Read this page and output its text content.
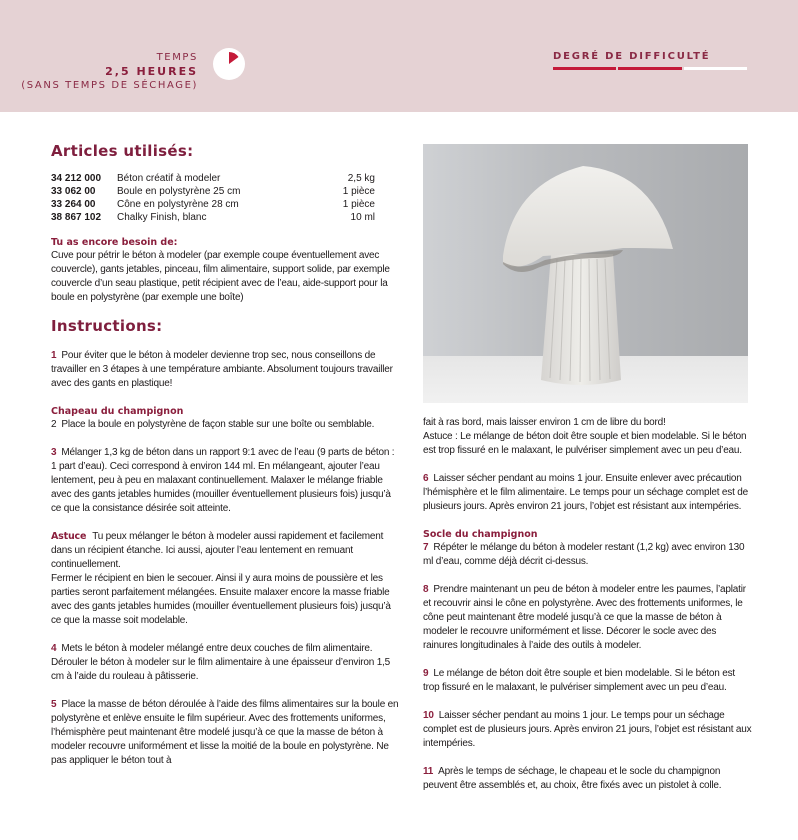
TEMPS
2,5 HEURES
(SANS TEMPS DE SÉCHAGE)
DEGRÉ DE DIFFICULTÉ
Articles utilisés:
34 212 000	Béton créatif à modeler	2,5 kg
33 062 00	Boule en polystyrène 25 cm	1 pièce
33 264 00	Cône en polystyrène 28 cm	1 pièce
38 867 102	Chalky Finish, blanc	10 ml
Tu as encore besoin de:
Cuve pour pétrir le béton à modeler (par exemple coupe éventuellement avec couvercle), gants jetables, pinceau, film alimentaire, support solide, par exemple couvercle d’un seau plastique, petit récipient avec de l’eau, aide-support pour la boule en polystyrène (par exemple une boîte)
Instructions:
1 Pour éviter que le béton à modeler devienne trop sec, nous conseillons de travailler en 3 étapes à une température ambiante. Absolument toujours travailler avec des gants en plastique!
Chapeau du champignon
2 Place la boule en polystyrène de façon stable sur une boîte ou semblable.
3 Mélanger 1,3 kg de béton dans un rapport 9:1 avec de l’eau (9 parts de béton : 1 part d’eau). Ceci correspond à environ 144 ml. En mélangeant, ajouter l’eau lentement, peu à peu en malaxant continuellement. Malaxer le mélange friable avec des gants jetables humides (mouiller éventuellement plusieurs fois) jusqu’à ce que la consistance désirée soit atteinte.
Astuce Tu peux mélanger le béton à modeler aussi rapidement et facilement dans un récipient étanche. Ici aussi, ajouter l’eau lentement en remuant continuellement.
Fermer le récipient en bien le secouer. Ainsi il y aura moins de poussière et les parties seront parfaitement mélangées. Ensuite malaxer encore la masse friable avec des gants jetables humides (mouiller éventuellement plusieurs fois) jusqu’à ce que la masse soit modelable.
4 Mets le béton à modeler mélangé entre deux couches de film alimentaire. Dérouler le béton à modeler sur le film alimentaire à une épaisseur d’environ 1,5 cm à l’aide du rouleau à pâtisserie.
5 Place la masse de béton déroulée à l’aide des films alimentaires sur la boule en polystyrène et enlève ensuite le film supérieur. Avec des frottements uniformes, l’hémisphère peut maintenant être modelé jusqu’à ce que la masse de béton à modeler recouvre uniformément et lisse la moitié de la boule en polystyrène. Ne pas appliquer le béton tout à
fait à ras bord, mais laisser environ 1 cm de libre du bord!
Astuce : Le mélange de béton doit être souple et bien modelable. Si le béton est trop fissuré en le malaxant, le pulvériser simplement avec un peu d’eau.
6 Laisser sécher pendant au moins 1 jour. Ensuite enlever avec précaution l’hémisphère et le film alimentaire. Le temps pour un séchage complet est de plusieurs jours. Après environ 21 jours, l’objet est résistant aux intempéries.
Socle du champignon
7 Répéter le mélange du béton à modeler restant (1,2 kg) avec environ 130 ml d’eau, comme déjà décrit ci-dessus.
8 Prendre maintenant un peu de béton à modeler entre les paumes, l’aplatir et recouvrir ainsi le cône en polystyrène. Avec des frottements uniformes, le cône peut maintenant être modelé jusqu’à ce que la masse de béton à modeler le recouvre uniformément et lisse. Décorer le socle avec des rainures longitudinales à l’aide des outils à modeler.
9 Le mélange de béton doit être souple et bien modelable. Si le béton est trop fissuré en le malaxant, le pulvériser simplement avec un peu d’eau.
10 Laisser sécher pendant au moins 1 jour. Le temps pour un séchage complet est de plusieurs jours. Après environ 21 jours, l’objet est résistant aux intempéries.
11 Après le temps de séchage, le chapeau et le socle du champignon peuvent être assemblés et, au choix, être fixés avec un pistolet à colle.
